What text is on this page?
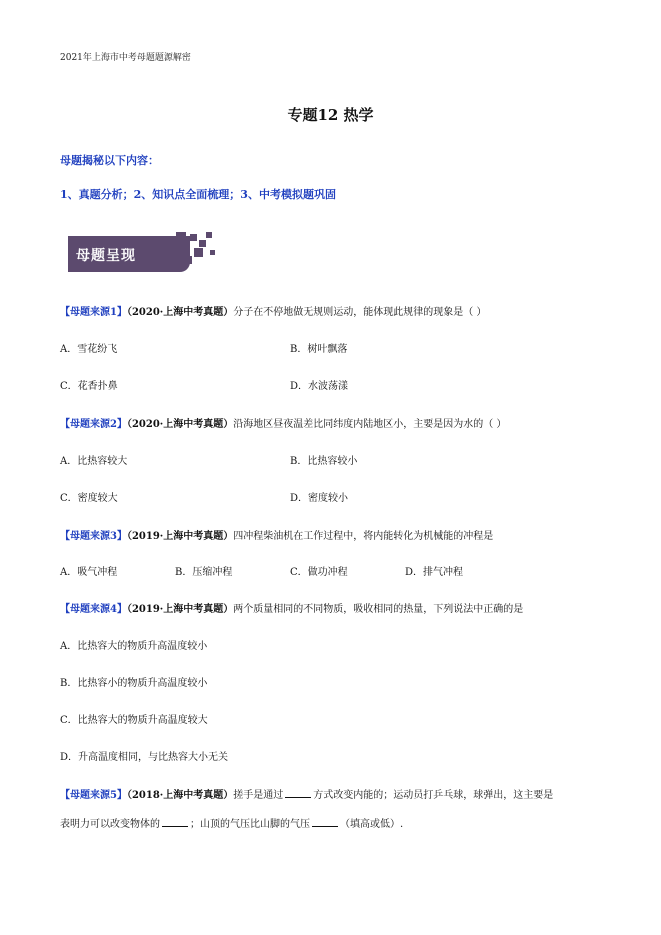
2021年上海市中考母题题源解密
专题12 热学
母题揭秘以下内容：
1、真题分析；2、知识点全面梳理；3、中考模拟题巩固
母题呈现
【母题来源1】（2020·上海中考真题）分子在不停地做无规则运动，能体现此规律的现象是（ ）
A．雪花纷飞	B．树叶飘落
C．花香扑鼻	D．水波荡漾
【母题来源2】（2020·上海中考真题）沿海地区昼夜温差比同纬度内陆地区小，主要是因为水的（ ）
A．比热容较大	B．比热容较小
C．密度较大	D．密度较小
【母题来源3】（2019·上海中考真题）四冲程柴油机在工作过程中，将内能转化为机械能的冲程是
A．吸气冲程	B．压缩冲程	C．做功冲程	D．排气冲程
【母题来源4】（2019·上海中考真题）两个质量相同的不同物质，吸收相同的热量，下列说法中正确的是
A．比热容大的物质升高温度较小
B．比热容小的物质升高温度较小
C．比热容大的物质升高温度较大
D．升高温度相同，与比热容大小无关
【母题来源5】（2018·上海中考真题）搓手是通过	方式改变内能的；运动员打乒乓球，球弹出，这主要是
表明力可以改变物体的	；山顶的气压比山脚的气压	（填高或低）.
